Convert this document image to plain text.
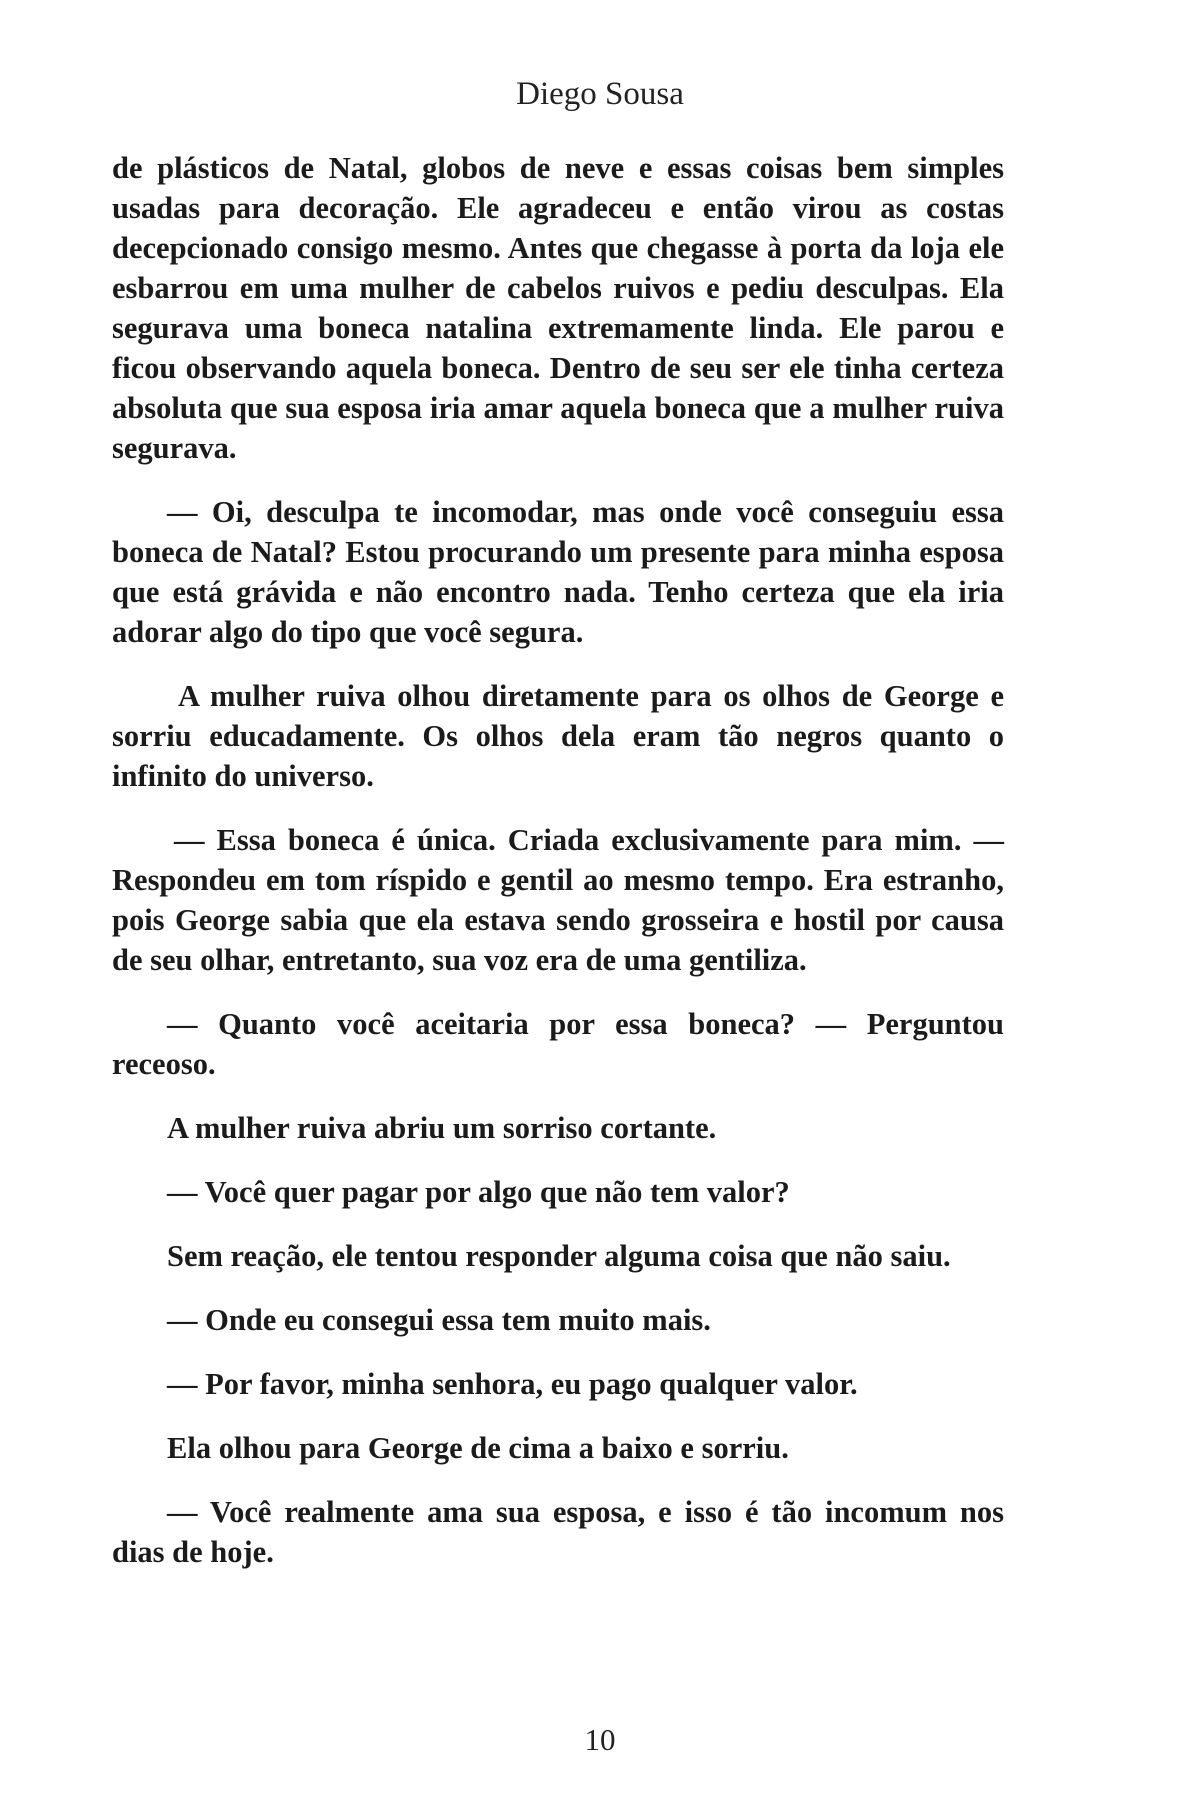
Diego Sousa

de plásticos de Natal, globos de neve e essas coisas bem simples usadas para decoração. Ele agradeceu e então virou as costas decepcionado consigo mesmo. Antes que chegasse à porta da loja ele esbarrou em uma mulher de cabelos ruivos e pediu desculpas. Ela segurava uma boneca natalina extremamente linda. Ele parou e ficou observando aquela boneca. Dentro de seu ser ele tinha certeza absoluta que sua esposa iria amar aquela boneca que a mulher ruiva segurava.

— Oi, desculpa te incomodar, mas onde você conseguiu essa boneca de Natal? Estou procurando um presente para minha esposa que está grávida e não encontro nada. Tenho certeza que ela iria adorar algo do tipo que você segura.

A mulher ruiva olhou diretamente para os olhos de George e sorriu educadamente. Os olhos dela eram tão negros quanto o infinito do universo.

— Essa boneca é única. Criada exclusivamente para mim. — Respondeu em tom ríspido e gentil ao mesmo tempo. Era estranho, pois George sabia que ela estava sendo grosseira e hostil por causa de seu olhar, entretanto, sua voz era de uma gentiliza.

— Quanto você aceitaria por essa boneca? — Perguntou receoso.

A mulher ruiva abriu um sorriso cortante.

— Você quer pagar por algo que não tem valor?

Sem reação, ele tentou responder alguma coisa que não saiu.

— Onde eu consegui essa tem muito mais.

— Por favor, minha senhora, eu pago qualquer valor.

Ela olhou para George de cima a baixo e sorriu.

— Você realmente ama sua esposa, e isso é tão incomum nos dias de hoje.

10
